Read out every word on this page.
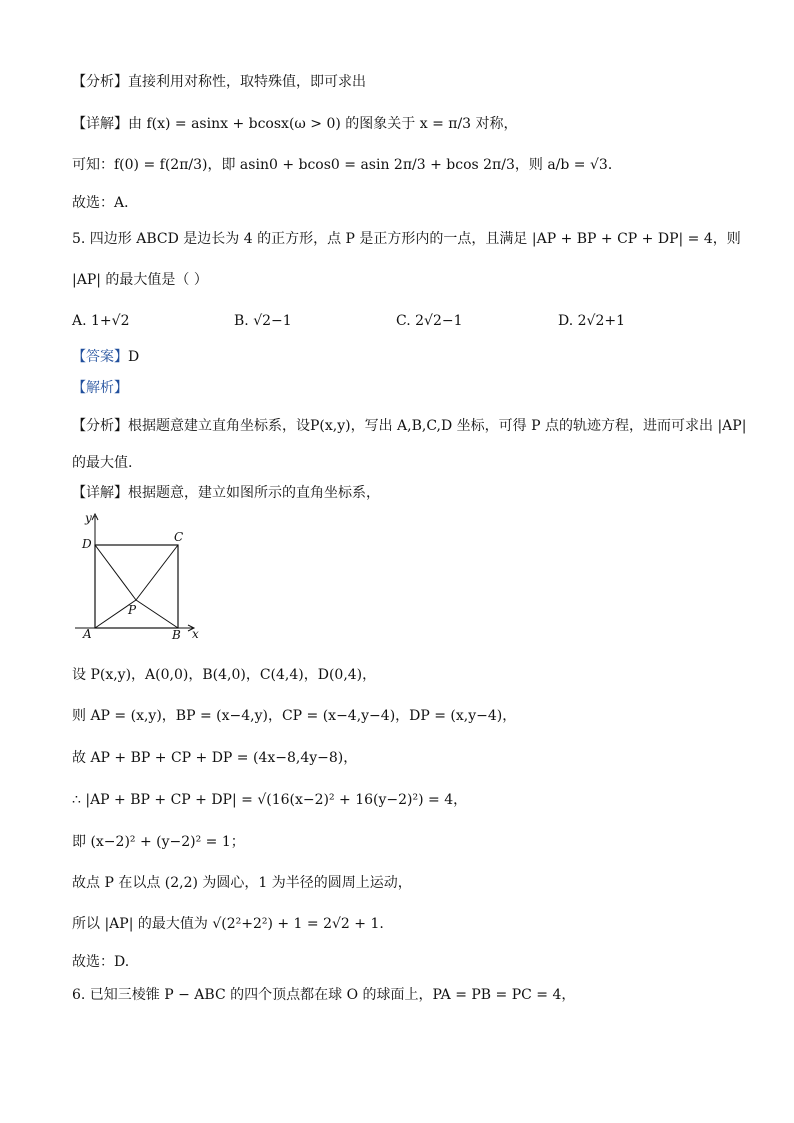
【分析】直接利用对称性，取特殊值，即可求出
【详解】由 f(x) = asinx + bcosx(ω > 0) 的图象关于 x = π/3 对称，
可知：f(0) = f(2π/3)，即 asin0 + bcos0 = asin 2π/3 + bcos 2π/3，则 a/b = √3．
故选：A．
5. 四边形 ABCD 是边长为 4 的正方形，点 P 是正方形内的一点，且满足 |AP + BP + CP + DP| = 4，则
|AP| 的最大值是（ ）
A. 1+√2	B. √2−1	C. 2√2−1	D. 2√2+1
【答案】D
【解析】
【分析】根据题意建立直角坐标系，设P(x,y)，写出 A,B,C,D 坐标，可得 P 点的轨迹方程，进而可求出 |AP|
的最大值.
【详解】根据题意，建立如图所示的直角坐标系，
y
x
D	C
A	B
P
设 P(x,y)，A(0,0)，B(4,0)，C(4,4)，D(0,4)，
则 AP = (x,y)，BP = (x−4,y)，CP = (x−4,y−4)，DP = (x,y−4)，
故 AP + BP + CP + DP = (4x−8,4y−8)，
∴ |AP + BP + CP + DP| = √(16(x−2)² + 16(y−2)²) = 4，
即 (x−2)² + (y−2)² = 1；
故点 P 在以点 (2,2) 为圆心，1 为半径的圆周上运动，
所以 |AP| 的最大值为 √(2²+2²) + 1 = 2√2 + 1.
故选：D.
6. 已知三棱锥 P − ABC 的四个顶点都在球 O 的球面上，PA = PB = PC = 4，
